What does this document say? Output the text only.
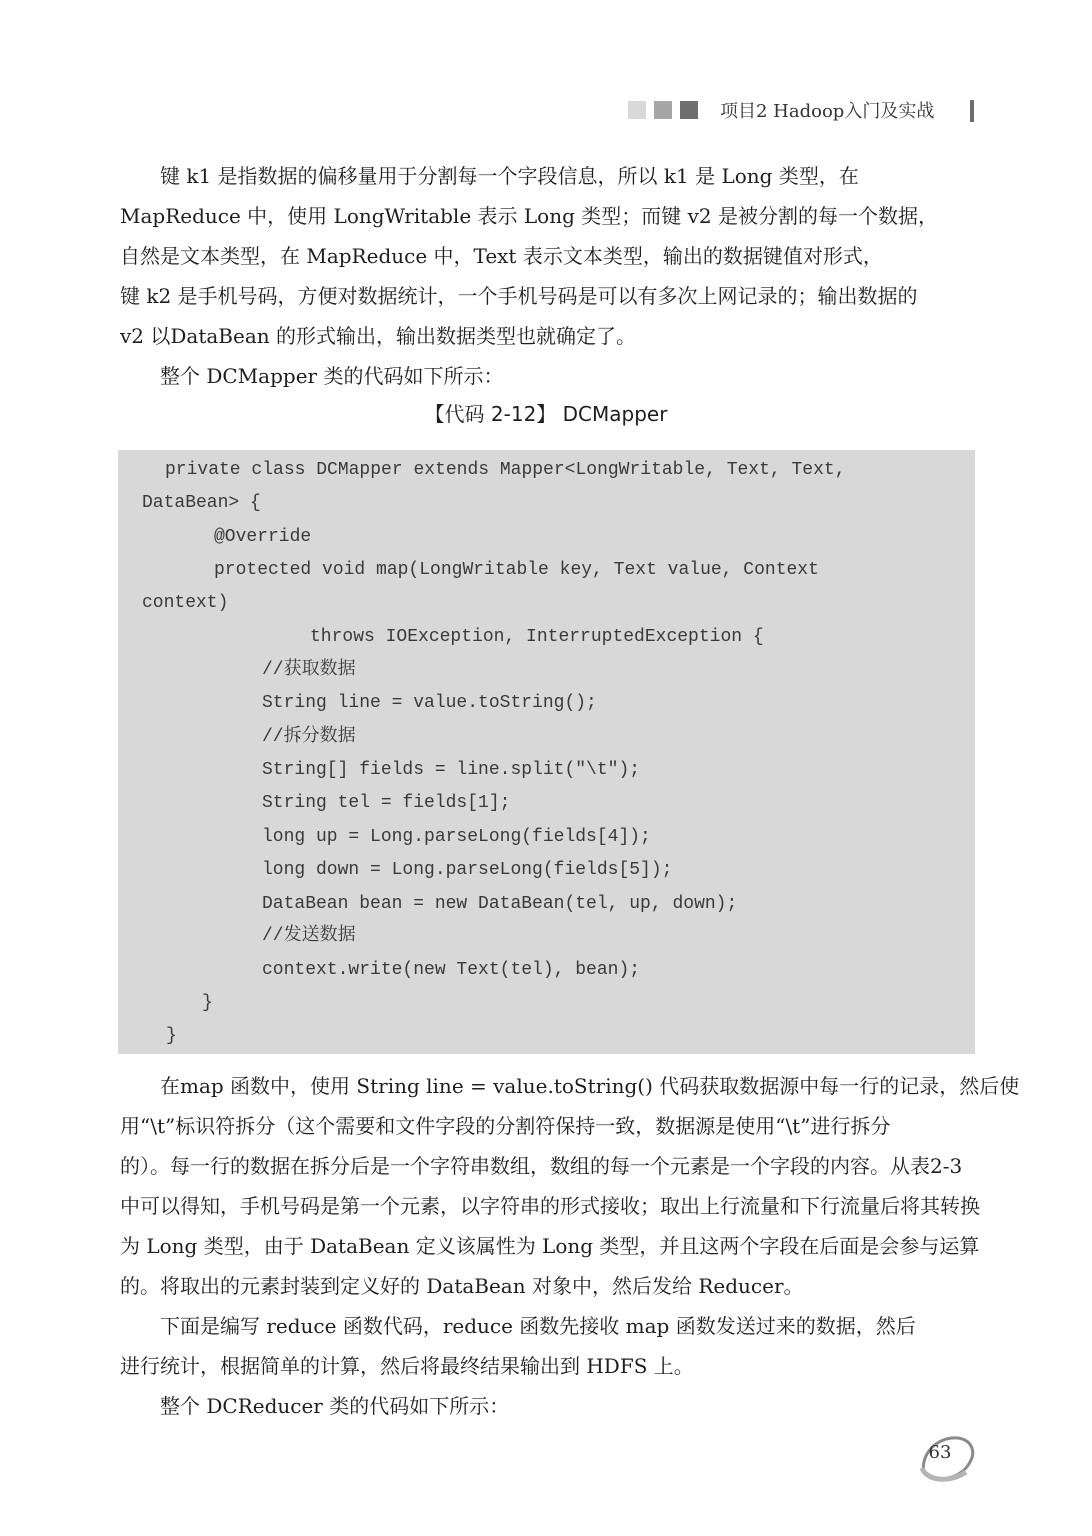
项目2 Hadoop入门及实战
　　键 k1 是指数据的偏移量用于分割每一个字段信息，所以 k1 是 Long 类型，在
MapReduce 中，使用 LongWritable 表示 Long 类型；而键 v2 是被分割的每一个数据，
自然是文本类型，在 MapReduce 中，Text 表示文本类型，输出的数据键值对形式，
键 k2 是手机号码，方便对数据统计，一个手机号码是可以有多次上网记录的；输出数据的
v2 以DataBean 的形式输出，输出数据类型也就确定了。
　　整个 DCMapper 类的代码如下所示：
【代码 2-12】 DCMapper
private class DCMapper extends Mapper<LongWritable, Text, Text,
DataBean> {
@Override
protected void map(LongWritable key, Text value, Context
context)
throws IOException, InterruptedException {
//获取数据
String line = value.toString();
//拆分数据
String[] fields = line.split("\t");
String tel = fields[1];
long up = Long.parseLong(fields[4]);
long down = Long.parseLong(fields[5]);
DataBean bean = new DataBean(tel, up, down);
//发送数据
context.write(new Text(tel), bean);
}
}
　　在map 函数中，使用 String line = value.toString() 代码获取数据源中每一行的记录，然后使
用“\t”标识符拆分（这个需要和文件字段的分割符保持一致，数据源是使用“\t”进行拆分
的）。每一行的数据在拆分后是一个字符串数组，数组的每一个元素是一个字段的内容。从表2-3
中可以得知，手机号码是第一个元素，以字符串的形式接收；取出上行流量和下行流量后将其转换
为 Long 类型，由于 DataBean 定义该属性为 Long 类型，并且这两个字段在后面是会参与运算
的。将取出的元素封装到定义好的 DataBean 对象中，然后发给 Reducer。
　　下面是编写 reduce 函数代码，reduce 函数先接收 map 函数发送过来的数据，然后
进行统计，根据简单的计算，然后将最终结果输出到 HDFS 上。
　　整个 DCReducer 类的代码如下所示：
63
